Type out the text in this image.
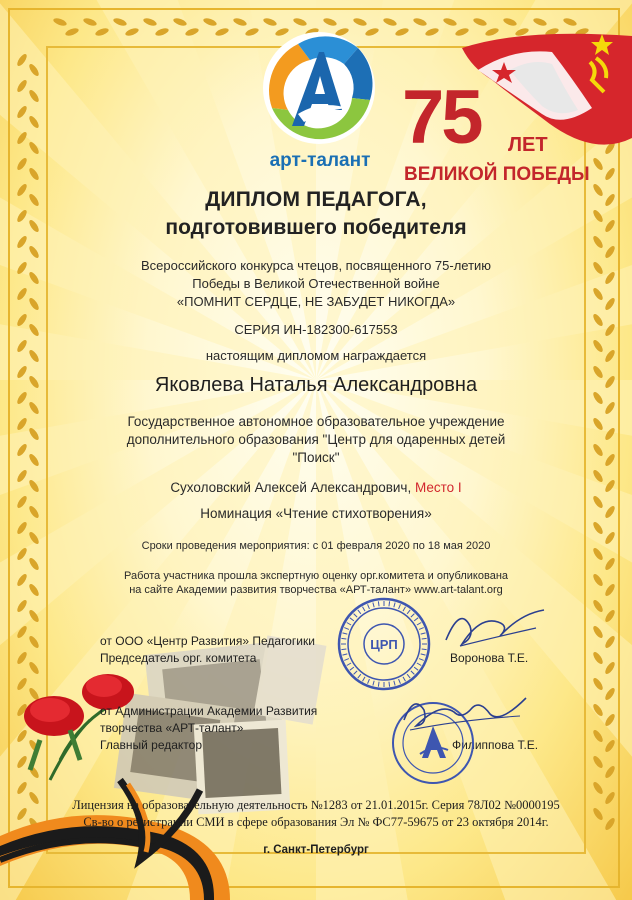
арт-талант
75 ЛЕТ
ВЕЛИКОЙ ПОБЕДЫ
ДИПЛОМ ПЕДАГОГА,
подготовившего победителя
Всероссийского конкурса чтецов, посвященного 75-летию
Победы в Великой Отечественной войне
«ПОМНИТ СЕРДЦЕ, НЕ ЗАБУДЕТ НИКОГДА»
СЕРИЯ ИН-182300-617553
настоящим дипломом награждается
Яковлева Наталья Александровна
Государственное автономное образовательное учреждение
дополнительного образования "Центр для одаренных детей
"Поиск"
Сухоловский Алексей Александрович, Место I
Номинация «Чтение стихотворения»
Сроки проведения мероприятия: с 01 февраля 2020 по 18 мая 2020
Работа участника прошла экспертную оценку орг.комитета и опубликована
на сайте Академии развития творчества «АРТ-талант» www.art-talant.org
от ООО «Центр Развития» Педагогики
Председатель орг. комитета	Воронова Т.Е.
от Администрации Академии Развития
творчества «АРТ-талант»
Главный редактор	Филиппова Т.Е.
ЦРП
Лицензия на образовательную деятельность №1283 от 21.01.2015г. Серия 78Л02 №0000195
Св-во о регистрации СМИ в сфере образования Эл № ФС77-59675 от 23 октября 2014г.
г. Санкт-Петербург
